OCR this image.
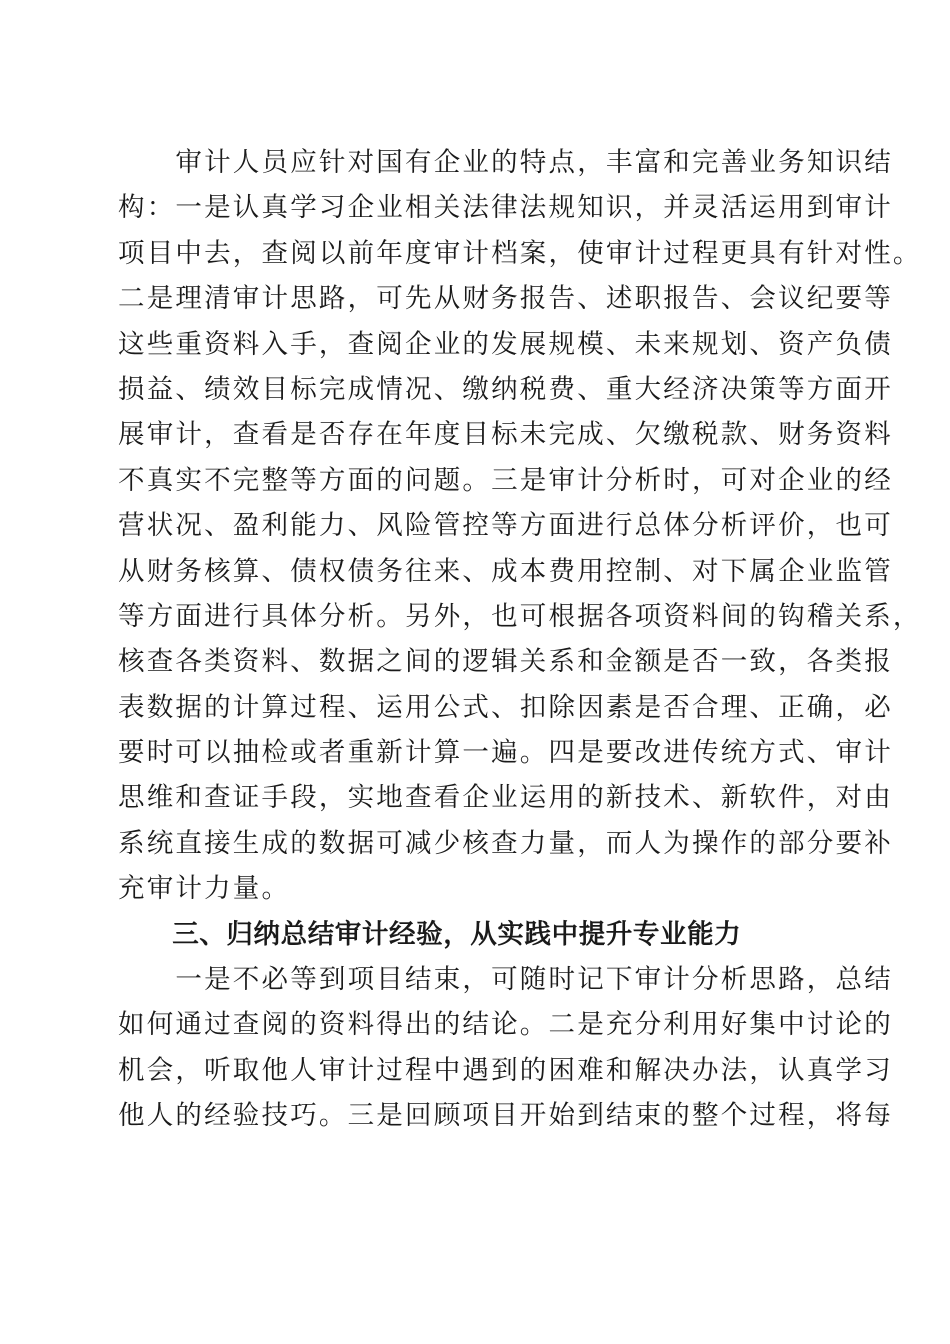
　　审计人员应针对国有企业的特点，丰富和完善业务知识结
构：一是认真学习企业相关法律法规知识，并灵活运用到审计
项目中去，查阅以前年度审计档案，使审计过程更具有针对性。
二是理清审计思路，可先从财务报告、述职报告、会议纪要等
这些重资料入手，查阅企业的发展规模、未来规划、资产负债
损益、绩效目标完成情况、缴纳税费、重大经济决策等方面开
展审计，查看是否存在年度目标未完成、欠缴税款、财务资料
不真实不完整等方面的问题。三是审计分析时，可对企业的经
营状况、盈利能力、风险管控等方面进行总体分析评价，也可
从财务核算、债权债务往来、成本费用控制、对下属企业监管
等方面进行具体分析。另外，也可根据各项资料间的钩稽关系，
核查各类资料、数据之间的逻辑关系和金额是否一致，各类报
表数据的计算过程、运用公式、扣除因素是否合理、正确，必
要时可以抽检或者重新计算一遍。四是要改进传统方式、审计
思维和查证手段，实地查看企业运用的新技术、新软件，对由
系统直接生成的数据可减少核查力量，而人为操作的部分要补
充审计力量。
　　三、归纳总结审计经验，从实践中提升专业能力
　　一是不必等到项目结束，可随时记下审计分析思路，总结
如何通过查阅的资料得出的结论。二是充分利用好集中讨论的
机会，听取他人审计过程中遇到的困难和解决办法，认真学习
他人的经验技巧。三是回顾项目开始到结束的整个过程，将每
